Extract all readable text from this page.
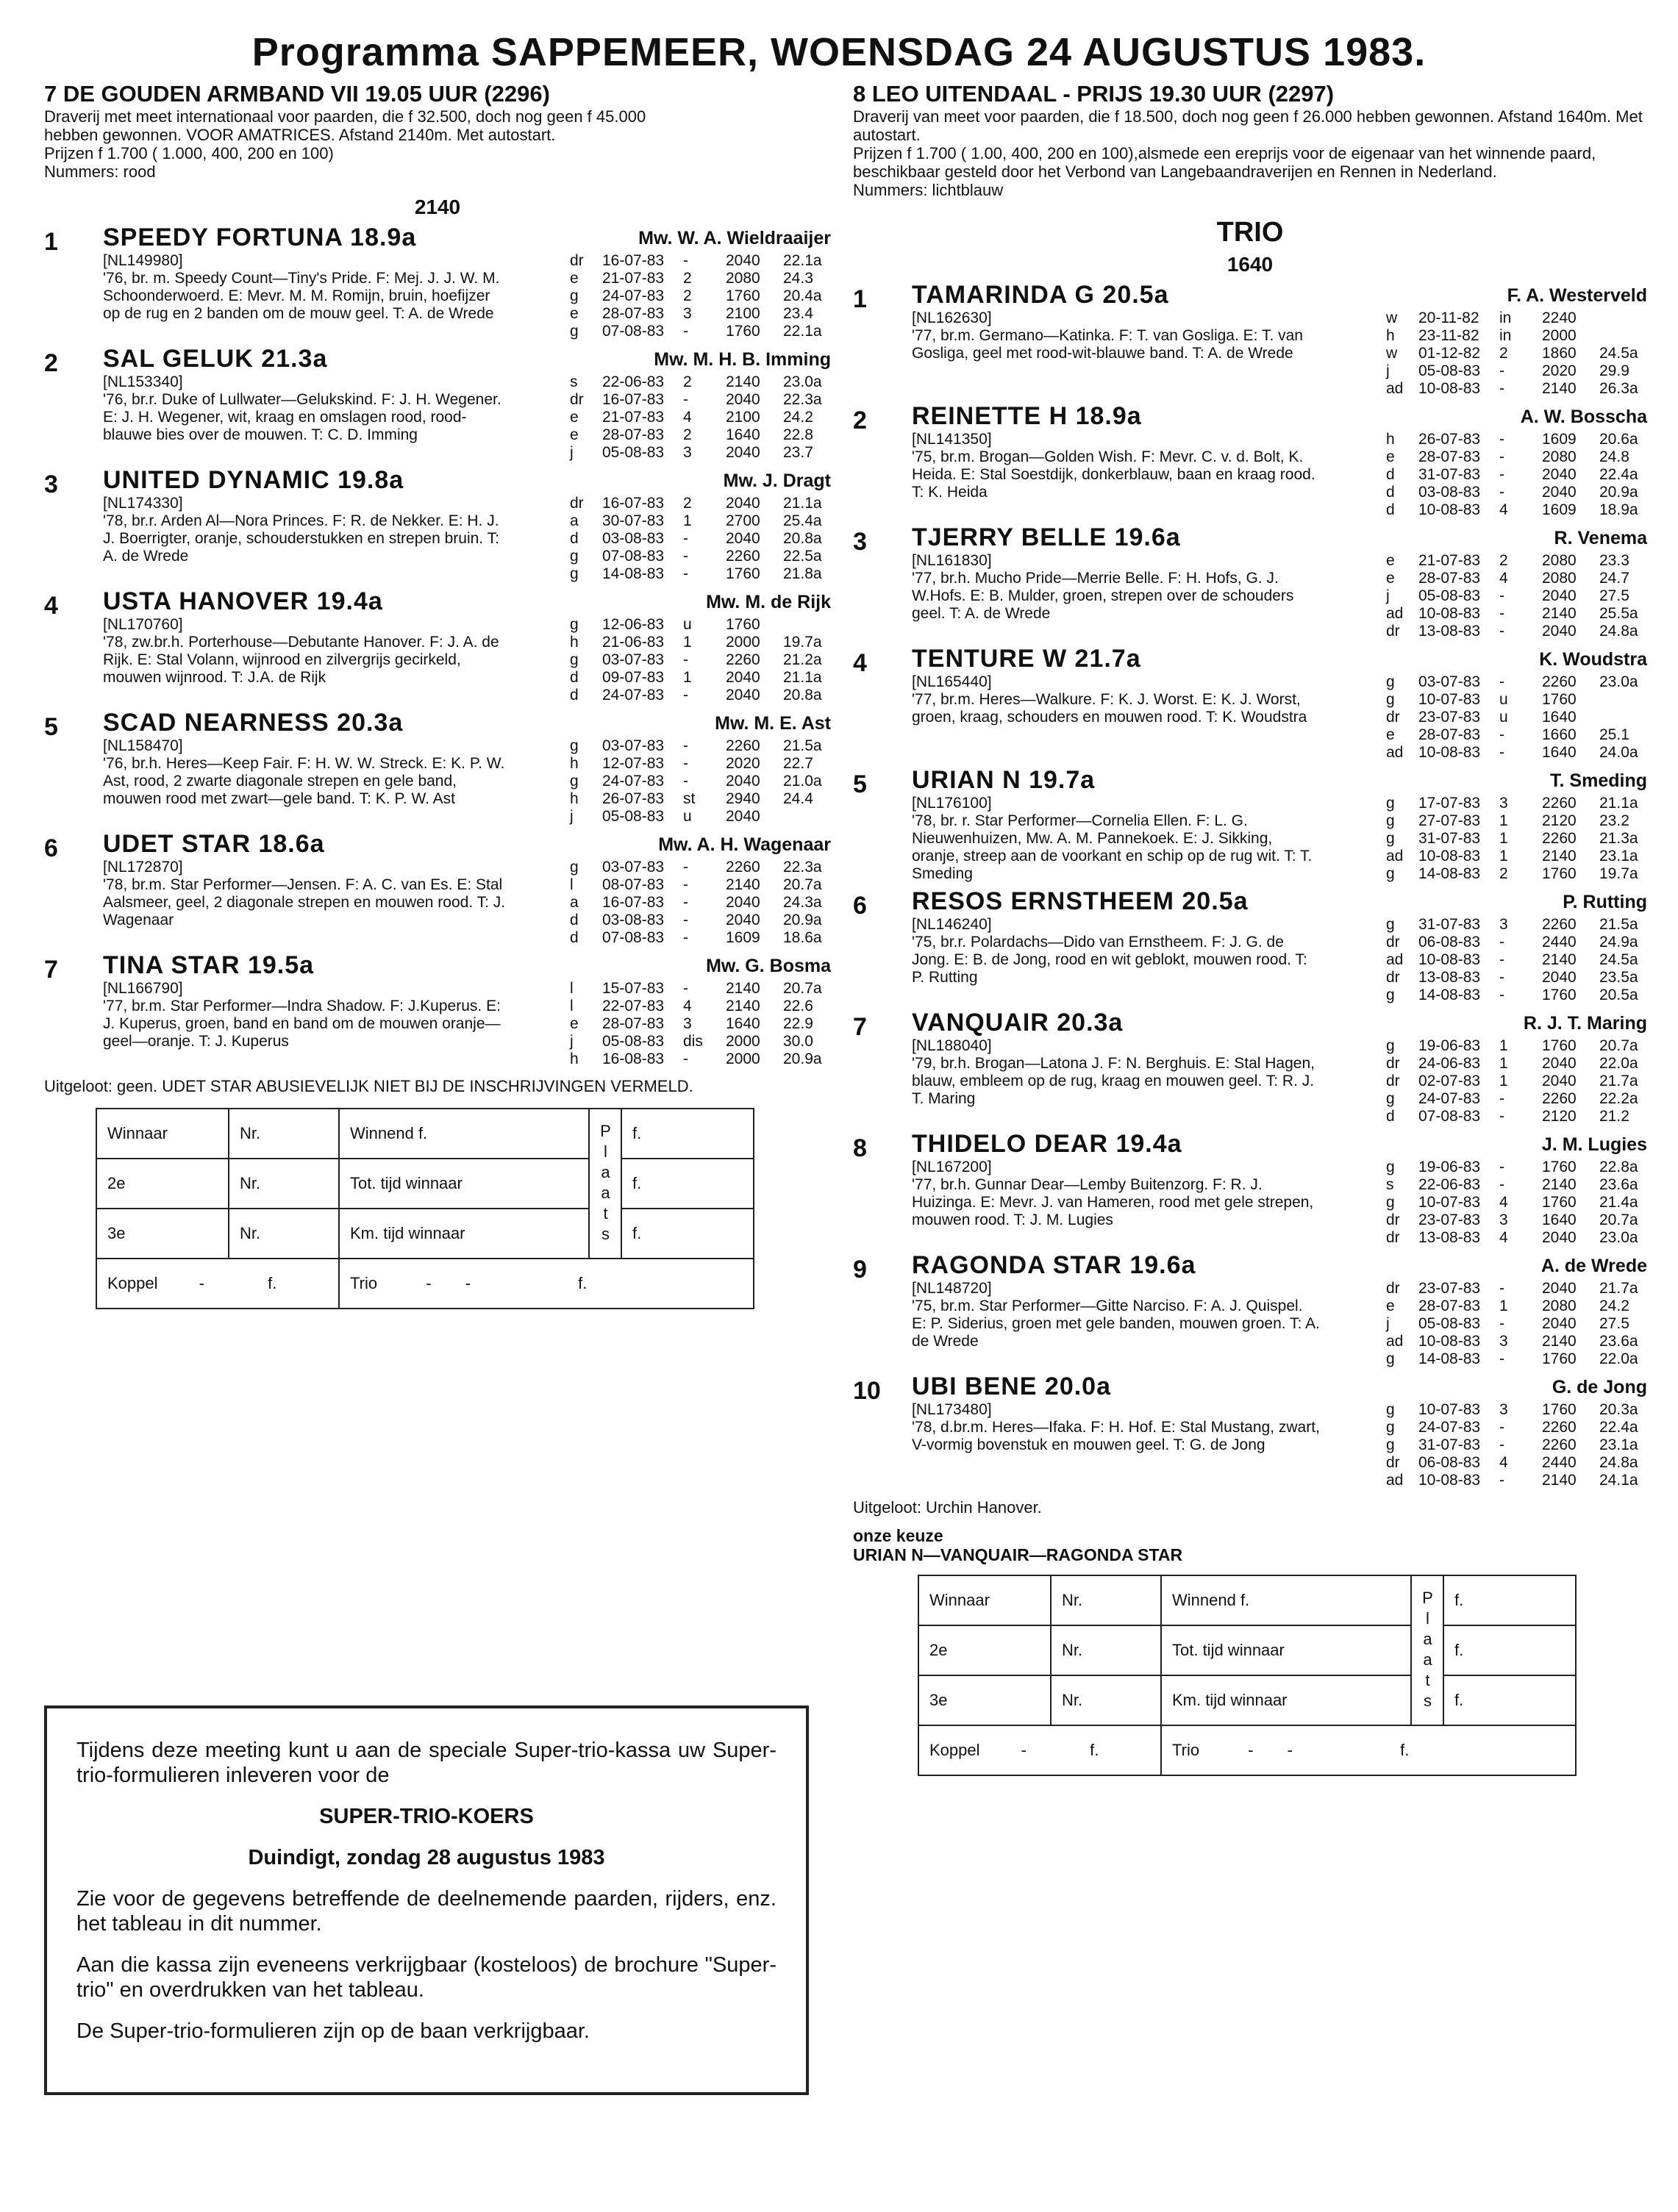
Programma SAPPEMEER, WOENSDAG 24 AUGUSTUS 1983.
7 DE GOUDEN ARMBAND VII 19.05 UUR (2296)
Draverij met meet internationaal voor paarden, die f 32.500, doch nog geen f 45.000
hebben gewonnen. VOOR AMATRICES. Afstand 2140m. Met autostart.
Prijzen f 1.700 ( 1.000, 400, 200 en 100)
Nummers: rood
2140
1	SPEEDY FORTUNA 18.9a	Mw. W. A. Wieldraaijer
[NL149980]
'76, br. m. Speedy Count—Tiny's Pride. F: Mej. J. J. W. M. Schoonderwoerd. E: Mevr. M. M. Romijn, bruin, hoefijzer op de rug en 2 banden om de mouw geel. T: A. de Wrede
dr	16-07-83	-	2040	22.1a
e	21-07-83	2	2080	24.3
g	24-07-83	2	1760	20.4a
e	28-07-83	3	2100	23.4
g	07-08-83	-	1760	22.1a
2	SAL GELUK 21.3a	Mw. M. H. B. Imming
[NL153340]
'76, br.r. Duke of Lullwater—Gelukskind. F: J. H. Wegener. E: J. H. Wegener, wit, kraag en omslagen rood, rood-blauwe bies over de mouwen. T: C. D. Imming
s	22-06-83	2	2140	23.0a
dr	16-07-83	-	2040	22.3a
e	21-07-83	4	2100	24.2
e	28-07-83	2	1640	22.8
j	05-08-83	3	2040	23.7
3	UNITED DYNAMIC 19.8a	Mw. J. Dragt
[NL174330]
'78, br.r. Arden Al—Nora Princes. F: R. de Nekker. E: H. J. J. Boerrigter, oranje, schouderstukken en strepen bruin. T: A. de Wrede
dr	16-07-83	2	2040	21.1a
a	30-07-83	1	2700	25.4a
d	03-08-83	-	2040	20.8a
g	07-08-83	-	2260	22.5a
g	14-08-83	-	1760	21.8a
4	USTA HANOVER 19.4a	Mw. M. de Rijk
[NL170760]
'78, zw.br.h. Porterhouse—Debutante Hanover. F: J. A. de Rijk. E: Stal Volann, wijnrood en zilvergrijs gecirkeld, mouwen wijnrood. T: J.A. de Rijk
g	12-06-83	u	1760
h	21-06-83	1	2000	19.7a
g	03-07-83	-	2260	21.2a
d	09-07-83	1	2040	21.1a
d	24-07-83	-	2040	20.8a
5	SCAD NEARNESS 20.3a	Mw. M. E. Ast
[NL158470]
'76, br.h. Heres—Keep Fair. F: H. W. W. Streck. E: K. P. W. Ast, rood, 2 zwarte diagonale strepen en gele band, mouwen rood met zwart—gele band. T: K. P. W. Ast
g	03-07-83	-	2260	21.5a
h	12-07-83	-	2020	22.7
g	24-07-83	-	2040	21.0a
h	26-07-83	st	2940	24.4
j	05-08-83	u	2040
6	UDET STAR 18.6a	Mw. A. H. Wagenaar
[NL172870]
'78, br.m. Star Performer—Jensen. F: A. C. van Es. E: Stal Aalsmeer, geel, 2 diagonale strepen en mouwen rood. T: J. Wagenaar
g	03-07-83	-	2260	22.3a
l	08-07-83	-	2140	20.7a
a	16-07-83	-	2040	24.3a
d	03-08-83	-	2040	20.9a
d	07-08-83	-	1609	18.6a
7	TINA STAR 19.5a	Mw. G. Bosma
[NL166790]
'77, br.m. Star Performer—Indra Shadow. F: J.Kuperus. E: J. Kuperus, groen, band en band om de mouwen oranje—geel—oranje. T: J. Kuperus
l	15-07-83	-	2140	20.7a
l	22-07-83	4	2140	22.6
e	28-07-83	3	1640	22.9
j	05-08-83	dis	2000	30.0
h	16-08-83	-	2000	20.9a
Uitgeloot: geen. UDET STAR ABUSIEVELIJK NIET BIJ DE INSCHRIJVINGEN VERMELD.
Winnaar	Nr.	Winnend f.	Plaats	f.
2e	Nr.	Tot. tijd winnaar		f.
3e	Nr.	Km. tijd winnaar		f.
Koppel - f.		Trio - - f.		
8 LEO UITENDAAL - PRIJS 19.30 UUR (2297)
Draverij van meet voor paarden, die f 18.500, doch nog geen f 26.000 hebben gewonnen. Afstand 1640m. Met autostart.
Prijzen f 1.700 ( 1.00, 400, 200 en 100),alsmede een ereprijs voor de eigenaar van het winnende paard, beschikbaar gesteld door het Verbond van Langebaandraverijen en Rennen in Nederland.
Nummers: lichtblauw
TRIO
1640
1	TAMARINDA G 20.5a	F. A. Westerveld
[NL162630]
'77, br.m. Germano—Katinka. F: T. van Gosliga. E: T. van Gosliga, geel met rood-wit-blauwe band. T: A. de Wrede
w	20-11-82	in	2240
h	23-11-82	in	2000
w	01-12-82	2	1860	24.5a
j	05-08-83	-	2020	29.9
ad 10-08-83	-	2140	26.3a
2	REINETTE H 18.9a	A. W. Bosscha
[NL141350]
'75, br.m. Brogan—Golden Wish. F: Mevr. C. v. d. Bolt, K. Heida. E: Stal Soestdijk, donkerblauw, baan en kraag rood. T: K. Heida
h	26-07-83	-	1609	20.6a
e	28-07-83	-	2080	24.8
d	31-07-83	-	2040	22.4a
d	03-08-83	-	2040	20.9a
d	10-08-83	4	1609	18.9a
3	TJERRY BELLE 19.6a	R. Venema
[NL161830]
'77, br.h. Mucho Pride—Merrie Belle. F: H. Hofs, G. J. W.Hofs. E: B. Mulder, groen, strepen over de schouders geel. T: A. de Wrede
e	21-07-83	2	2080	23.3
e	28-07-83	4	2080	24.7
j	05-08-83	-	2040	27.5
ad 10-08-83	-	2140	25.5a
dr	13-08-83	-	2040	24.8a
4	TENTURE W 21.7a	K. Woudstra
[NL165440]
'77, br.m. Heres—Walkure. F: K. J. Worst. E: K. J. Worst, groen, kraag, schouders en mouwen rood. T: K. Woudstra
g	03-07-83	-	2260	23.0a
g	10-07-83	u	1760
dr	23-07-83	u	1640
e	28-07-83	-	1660	25.1
ad 10-08-83	-	1640	24.0a
5	URIAN N 19.7a	T. Smeding
[NL176100]
'78, br. r. Star Performer—Cornelia Ellen. F: L. G. Nieuwenhuizen, Mw. A. M. Pannekoek. E: J. Sikking, oranje, streep aan de voorkant en schip op de rug wit. T: T. Smeding
g	17-07-83	3	2260	21.1a
g	27-07-83	1	2120	23.2
g	31-07-83	1	2260	21.3a
ad 10-08-83	1	2140	23.1a
g	14-08-83	2	1760	19.7a
6	RESOS ERNSTHEEM 20.5a	P. Rutting
[NL146240]
'75, br.r. Polardachs—Dido van Ernstheem. F: J. G. de Jong. E: B. de Jong, rood en wit geblokt, mouwen rood. T: P. Rutting
g	31-07-83	3	2260	21.5a
dr	06-08-83	-	2440	24.9a
ad 10-08-83	-	2140	24.5a
dr	13-08-83	-	2040	23.5a
g	14-08-83	-	1760	20.5a
7	VANQUAIR 20.3a	R. J. T. Maring
[NL188040]
'79, br.h. Brogan—Latona J. F: N. Berghuis. E: Stal Hagen, blauw, embleem op de rug, kraag en mouwen geel. T: R. J. T. Maring
g	19-06-83	1	1760	20.7a
dr	24-06-83	1	2040	22.0a
dr	02-07-83	1	2040	21.7a
g	24-07-83	-	2260	22.2a
d	07-08-83	-	2120	21.2
8	THIDELO DEAR 19.4a	J. M. Lugies
[NL167200]
'77, br.h. Gunnar Dear—Lemby Buitenzorg. F: R. J. Huizinga. E: Mevr. J. van Hameren, rood met gele strepen, mouwen rood. T: J. M. Lugies
g	19-06-83	-	1760	22.8a
s	22-06-83	-	2140	23.6a
g	10-07-83	4	1760	21.4a
dr	23-07-83	3	1640	20.7a
dr	13-08-83	4	2040	23.0a
9	RAGONDA STAR 19.6a	A. de Wrede
[NL148720]
'75, br.m. Star Performer—Gitte Narciso. F: A. J. Quispel. E: P. Siderius, groen met gele banden, mouwen groen. T: A. de Wrede
dr	23-07-83	-	2040	21.7a
e	28-07-83	1	2080	24.2
j	05-08-83	-	2040	27.5
ad 10-08-83	3	2140	23.6a
g	14-08-83	-	1760	22.0a
10	UBI BENE 20.0a	G. de Jong
[NL173480]
'78, d.br.m. Heres—Ifaka. F: H. Hof. E: Stal Mustang, zwart, V-vormig bovenstuk en mouwen geel. T: G. de Jong
g	10-07-83	3	1760	20.3a
g	24-07-83	-	2260	22.4a
g	31-07-83	-	2260	23.1a
dr	06-08-83	4	2440	24.8a
ad 10-08-83	-	2140	24.1a
Uitgeloot: Urchin Hanover.
onze keuze
URIAN N—VANQUAIR—RAGONDA STAR
Winnaar	Nr.	Winnend f.	Plaats	f.
2e	Nr.	Tot. tijd winnaar		f.
3e	Nr.	Km. tijd winnaar		f.
Koppel - f.		Trio - - f.		

Tijdens deze meeting kunt u aan de speciale Super-trio-kassa uw Super-trio-formulieren inleveren voor de

SUPER-TRIO-KOERS

Duindigt, zondag 28 augustus 1983

Zie voor de gegevens betreffende de deelnemende paarden, rijders, enz. het tableau in dit nummer.

Aan die kassa zijn eveneens verkrijgbaar (kosteloos) de brochure "Super-trio" en overdrukken van het tableau.

De Super-trio-formulieren zijn op de baan verkrijgbaar.
